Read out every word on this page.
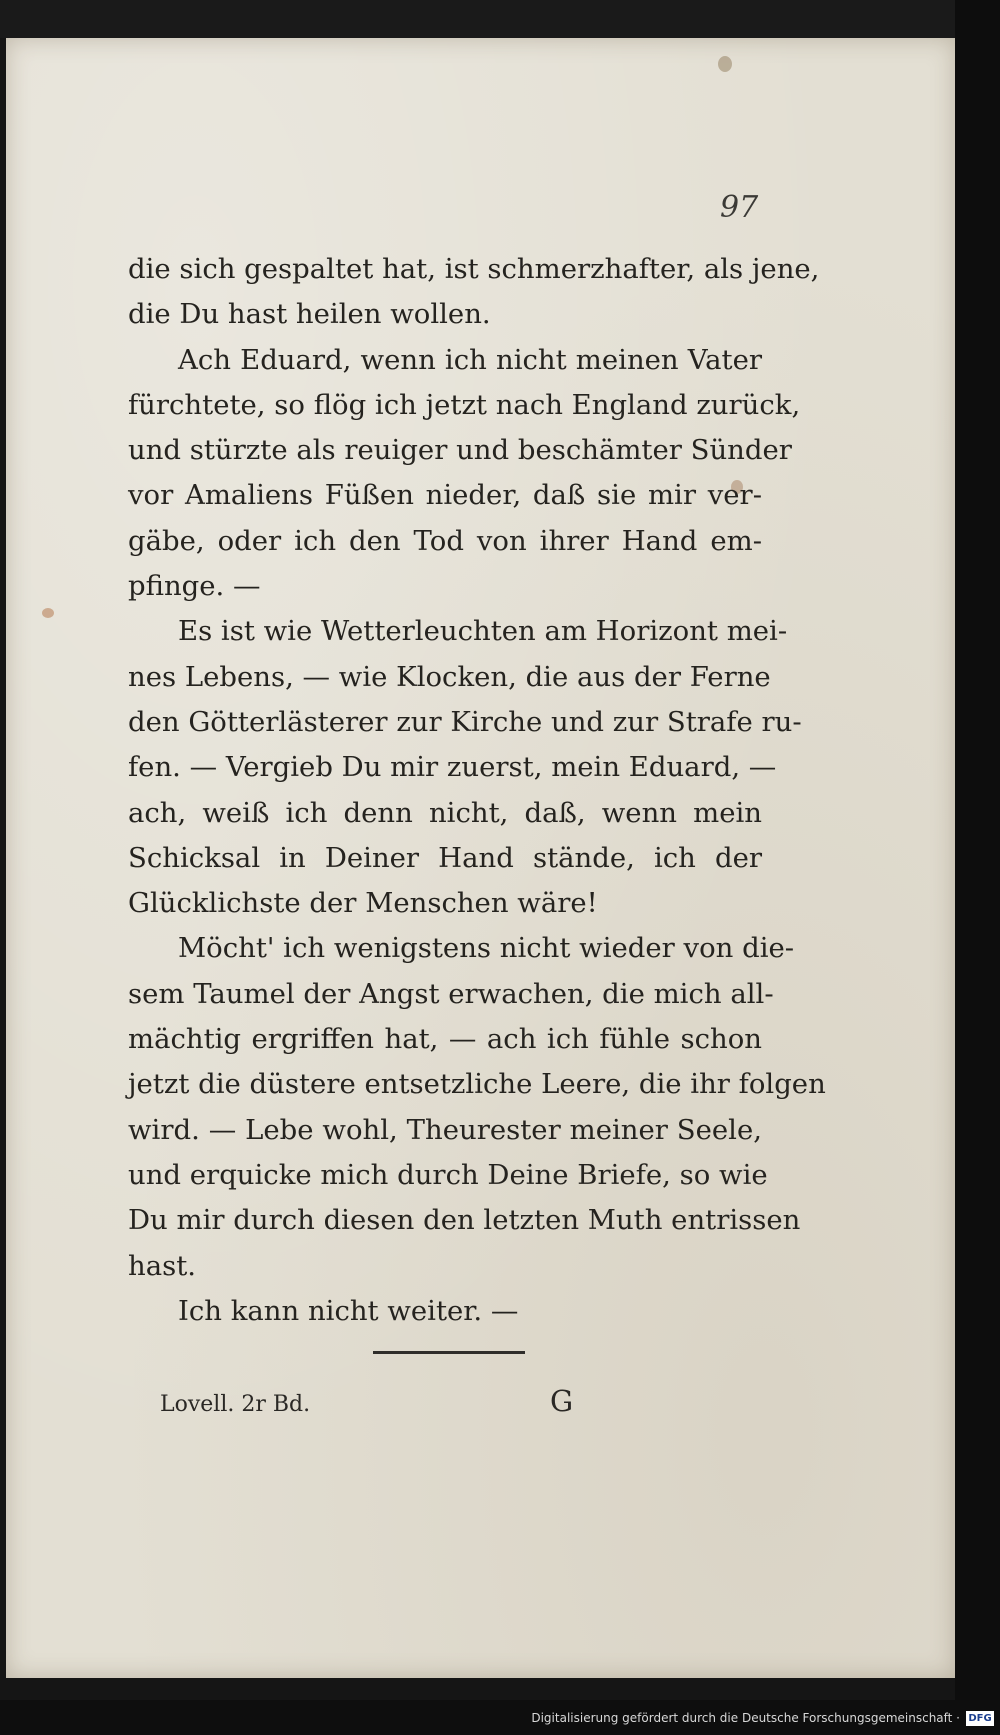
97
die sich gespaltet hat, ist schmerzhafter, als jene,
die Du hast heilen wollen.
Ach Eduard, wenn ich nicht meinen Vater
fürchtete, so flög ich jetzt nach England zurück,
und stürzte als reuiger und beschämter Sünder
vor Amaliens Füßen nieder, daß sie mir ver-
gäbe, oder ich den Tod von ihrer Hand em-
pfinge. —
Es ist wie Wetterleuchten am Horizont mei-
nes Lebens, — wie Klocken, die aus der Ferne
den Götterlästerer zur Kirche und zur Strafe ru-
fen. — Vergieb Du mir zuerst, mein Eduard, —
ach, weiß ich denn nicht, daß, wenn mein
Schicksal in Deiner Hand stände, ich der
Glücklichste der Menschen wäre!
Möcht' ich wenigstens nicht wieder von die-
sem Taumel der Angst erwachen, die mich all-
mächtig ergriffen hat, — ach ich fühle schon
jetzt die düstere entsetzliche Leere, die ihr folgen
wird. — Lebe wohl, Theurester meiner Seele,
und erquicke mich durch Deine Briefe, so wie
Du mir durch diesen den letzten Muth entrissen
hast.
Ich kann nicht weiter. —
Lovell. 2r Bd.	G
Digitalisierung gefördert durch die Deutsche Forschungsgemeinschaft · DFG
